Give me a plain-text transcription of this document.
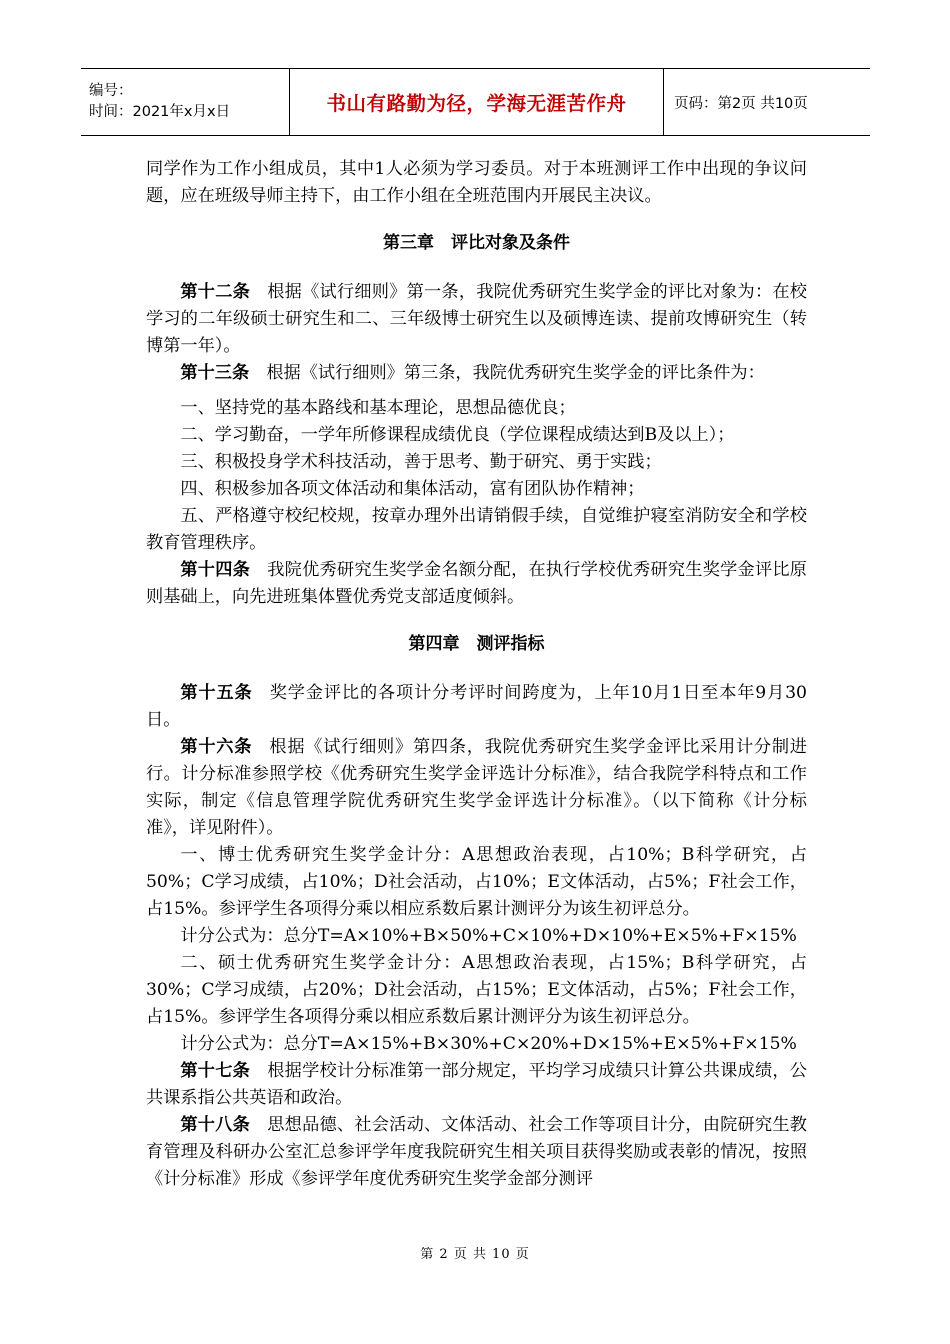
编号：
时间：2021年x月x日	书山有路勤为径，学海无涯苦作舟	页码：第2页 共10页

同学作为工作小组成员，其中1人必须为学习委员。对于本班测评工作中出现的争议问题，应在班级导师主持下，由工作小组在全班范围内开展民主决议。

第三章　评比对象及条件

第十二条 根据《试行细则》第一条，我院优秀研究生奖学金的评比对象为：在校学习的二年级硕士研究生和二、三年级博士研究生以及硕博连读、提前攻博研究生（转博第一年）。

第十三条 根据《试行细则》第三条，我院优秀研究生奖学金的评比条件为：

一、坚持党的基本路线和基本理论，思想品德优良；

二、学习勤奋，一学年所修课程成绩优良（学位课程成绩达到B及以上）；

三、积极投身学术科技活动，善于思考、勤于研究、勇于实践；

四、积极参加各项文体活动和集体活动，富有团队协作精神；

五、严格遵守校纪校规，按章办理外出请销假手续，自觉维护寝室消防安全和学校教育管理秩序。

第十四条 我院优秀研究生奖学金名额分配，在执行学校优秀研究生奖学金评比原则基础上，向先进班集体暨优秀党支部适度倾斜。

第四章　测评指标

第十五条 奖学金评比的各项计分考评时间跨度为，上年10月1日至本年9月30日。

第十六条 根据《试行细则》第四条，我院优秀研究生奖学金评比采用计分制进行。计分标准参照学校《优秀研究生奖学金评选计分标准》，结合我院学科特点和工作实际，制定《信息管理学院优秀研究生奖学金评选计分标准》。（以下简称《计分标准》，详见附件）。

一、博士优秀研究生奖学金计分：A思想政治表现，占10%；B科学研究，占50%；C学习成绩，占10%；D社会活动，占10%；E文体活动，占5%；F社会工作，占15%。参评学生各项得分乘以相应系数后累计测评分为该生初评总分。

计分公式为：总分T=A×10%+B×50%+C×10%+D×10%+E×5%+F×15%

二、硕士优秀研究生奖学金计分：A思想政治表现，占15%；B科学研究，占30%；C学习成绩，占20%；D社会活动，占15%；E文体活动，占5%；F社会工作，占15%。参评学生各项得分乘以相应系数后累计测评分为该生初评总分。

计分公式为：总分T=A×15%+B×30%+C×20%+D×15%+E×5%+F×15%

第十七条 根据学校计分标准第一部分规定，平均学习成绩只计算公共课成绩，公共课系指公共英语和政治。

第十八条 思想品德、社会活动、文体活动、社会工作等项目计分，由院研究生教育管理及科研办公室汇总参评学年度我院研究生相关项目获得奖励或表彰的情况，按照《计分标准》形成《参评学年度优秀研究生奖学金部分测评

第 2 页 共 10 页
